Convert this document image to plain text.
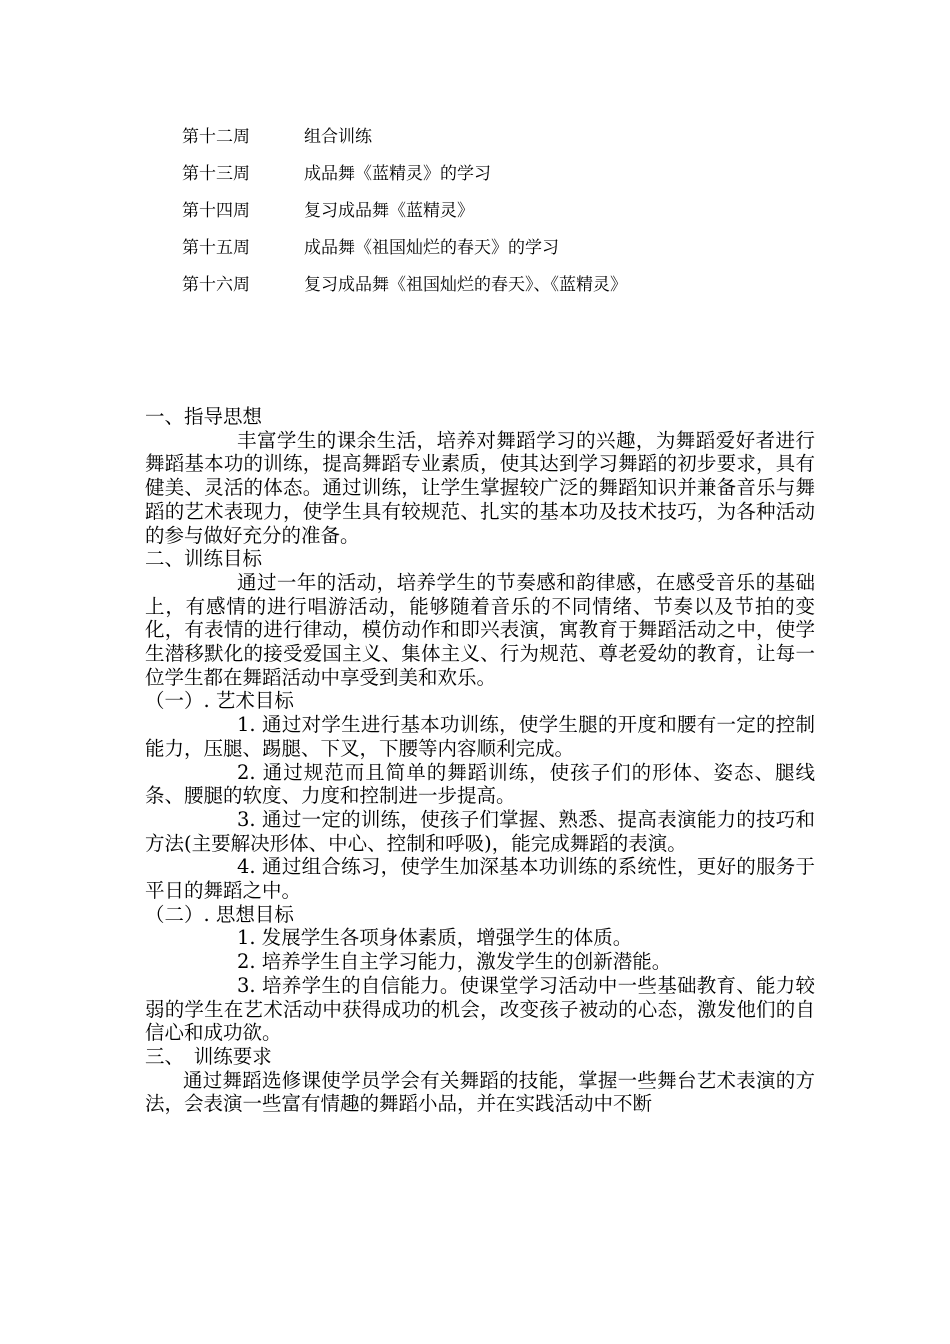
第十二周	组合训练
第十三周	成品舞《蓝精灵》的学习
第十四周	复习成品舞《蓝精灵》
第十五周	成品舞《祖国灿烂的春天》的学习
第十六周	复习成品舞《祖国灿烂的春天》、《蓝精灵》

一、指导思想

丰富学生的课余生活，培养对舞蹈学习的兴趣，为舞蹈爱好者进行舞蹈基本功的训练，提高舞蹈专业素质，使其达到学习舞蹈的初步要求，具有健美、灵活的体态。通过训练，让学生掌握较广泛的舞蹈知识并兼备音乐与舞蹈的艺术表现力，使学生具有较规范、扎实的基本功及技术技巧，为各种活动的参与做好充分的准备。

二、训练目标

通过一年的活动，培养学生的节奏感和韵律感，在感受音乐的基础上，有感情的进行唱游活动，能够随着音乐的不同情绪、节奏以及节拍的变化，有表情的进行律动，模仿动作和即兴表演，寓教育于舞蹈活动之中，使学生潜移默化的接受爱国主义、集体主义、行为规范、尊老爱幼的教育，让每一位学生都在舞蹈活动中享受到美和欢乐。

（一）. 艺术目标

1. 通过对学生进行基本功训练，使学生腿的开度和腰有一定的控制能力，压腿、踢腿、下叉，下腰等内容顺利完成。

2. 通过规范而且简单的舞蹈训练，使孩子们的形体、姿态、腿线条、腰腿的软度、力度和控制进一步提高。

3. 通过一定的训练，使孩子们掌握、熟悉、提高表演能力的技巧和方法(主要解决形体、中心、控制和呼吸)，能完成舞蹈的表演。

4. 通过组合练习，使学生加深基本功训练的系统性，更好的服务于平日的舞蹈之中。

（二）. 思想目标

1. 发展学生各项身体素质，增强学生的体质。

2. 培养学生自主学习能力，激发学生的创新潜能。

3. 培养学生的自信能力。使课堂学习活动中一些基础教育、能力较弱的学生在艺术活动中获得成功的机会，改变孩子被动的心态，激发他们的自信心和成功欲。

三、　训练要求

通过舞蹈选修课使学员学会有关舞蹈的技能，掌握一些舞台艺术表演的方法，会表演一些富有情趣的舞蹈小品，并在实践活动中不断
